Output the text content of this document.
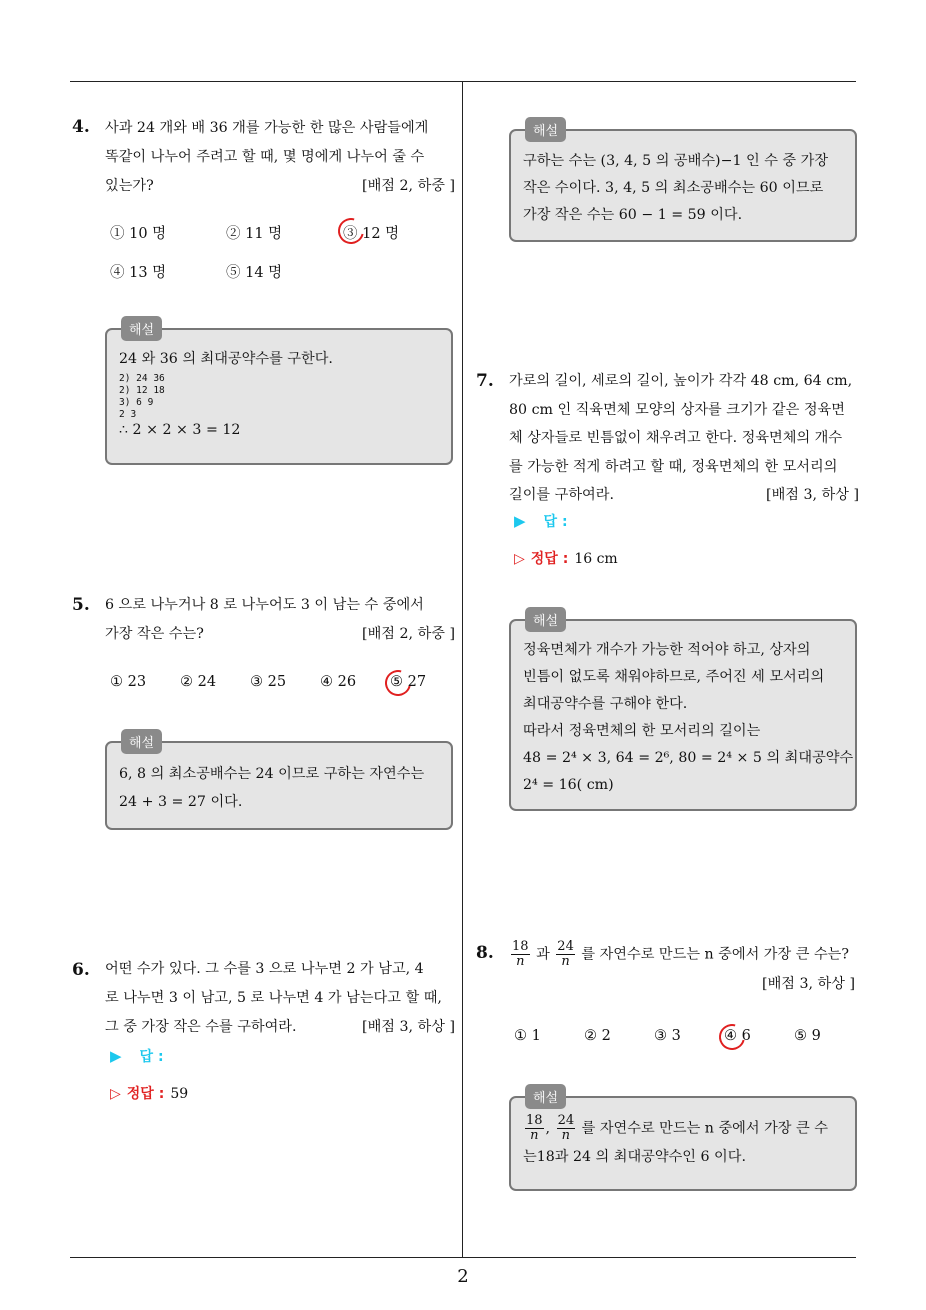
2
4. 사과 24 개와 배 36 개를 가능한 한 많은 사람들에게
똑같이 나누어 주려고 할 때, 몇 명에게 나누어 줄 수
있는가?	[배점 2, 하중 ]
① 10 명	② 11 명	③ 12 명
④ 13 명	⑤ 14 명
해설
24 와 36 의 최대공약수를 구한다.
2) 24 36
2) 12 18
3) 6 9
2 3
∴ 2 × 2 × 3 = 12
5. 6 으로 나누거나 8 로 나누어도 3 이 남는 수 중에서
가장 작은 수는?	[배점 2, 하중 ]
① 23 ② 24 ③ 25 ④ 26 ⑤ 27
해설
6, 8 의 최소공배수는 24 이므로 구하는 자연수는
24 + 3 = 27 이다.
6. 어떤 수가 있다. 그 수를 3 으로 나누면 2 가 남고, 4
로 나누면 3 이 남고, 5 로 나누면 4 가 남는다고 할 때,
그 중 가장 작은 수를 구하여라.	[배점 3, 하상 ]
▶ 답 :
▷ 정답 : 59
해설
구하는 수는 (3, 4, 5 의 공배수)−1 인 수 중 가장
작은 수이다. 3, 4, 5 의 최소공배수는 60 이므로
가장 작은 수는 60 − 1 = 59 이다.
7. 가로의 길이, 세로의 길이, 높이가 각각 48 cm, 64 cm,
80 cm 인 직육면체 모양의 상자를 크기가 같은 정육면
체 상자들로 빈틈없이 채우려고 한다. 정육면체의 개수
를 가능한 적게 하려고 할 때, 정육면체의 한 모서리의
길이를 구하여라.	[배점 3, 하상 ]
▶ 답 :
▷ 정답 : 16 cm
해설
정육면체가 개수가 가능한 적어야 하고, 상자의
빈틈이 없도록 채워야하므로, 주어진 세 모서리의
최대공약수를 구해야 한다.
따라서 정육면체의 한 모서리의 길이는
48 = 2⁴ × 3, 64 = 2⁶, 80 = 2⁴ × 5 의 최대공약수
2⁴ = 16( cm)
8. $\frac{18}{n}$ 과 $\frac{24}{n}$ 를 자연수로 만드는 n 중에서 가장 큰 수는?
[배점 3, 하상 ]
① 1	② 2	③ 3	④ 6	⑤ 9
해설
$\frac{18}{n}$ , $\frac{24}{n}$ 를 자연수로 만드는 n 중에서 가장 큰 수
는18과 24 의 최대공약수인 6 이다.
